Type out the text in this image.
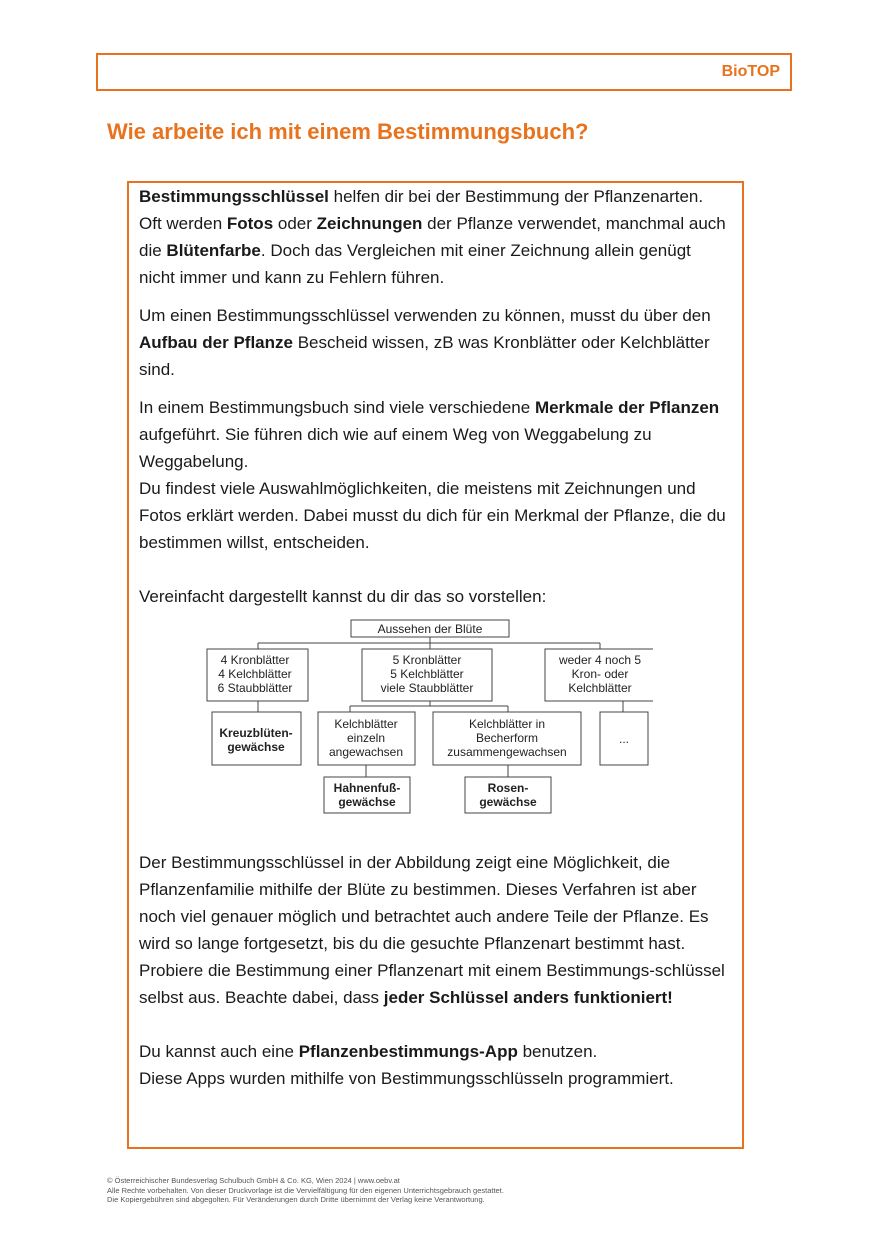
BioTOP
Wie arbeite ich mit einem Bestimmungsbuch?

Bestimmungsschlüssel helfen dir bei der Bestimmung der Pflanzenarten. Oft werden Fotos oder Zeichnungen der Pflanze verwendet, manchmal auch die Blütenfarbe. Doch das Vergleichen mit einer Zeichnung allein genügt nicht immer und kann zu Fehlern führen.

Um einen Bestimmungsschlüssel verwenden zu können, musst du über den Aufbau der Pflanze Bescheid wissen, zB was Kronblätter oder Kelchblätter sind.

In einem Bestimmungsbuch sind viele verschiedene Merkmale der Pflanzen aufgeführt. Sie führen dich wie auf einem Weg von Weggabelung zu Weggabelung.

Du findest viele Auswahlmöglichkeiten, die meistens mit Zeichnungen und Fotos erklärt werden. Dabei musst du dich für ein Merkmal der Pflanze, die du bestimmen willst, entscheiden.

Vereinfacht dargestellt kannst du dir das so vorstellen:

Aussehen der Blüte
4 Kronblätter
4 Kelchblätter
6 Staubblätter
5 Kronblätter
5 Kelchblätter
viele Staubblätter
weder 4 noch 5
Kron- oder
Kelchblätter
Kreuzblüten-
gewächse
Kelchblätter
einzeln
angewachsen
Kelchblätter in
Becherform
zusammengewachsen
...
Hahnenfuß-
gewächse
Rosen-
gewächse

Der Bestimmungsschlüssel in der Abbildung zeigt eine Möglichkeit, die Pflanzenfamilie mithilfe der Blüte zu bestimmen. Dieses Verfahren ist aber noch viel genauer möglich und betrachtet auch andere Teile der Pflanze. Es wird so lange fortgesetzt, bis du die gesuchte Pflanzenart bestimmt hast.

Probiere die Bestimmung einer Pflanzenart mit einem Bestimmungs-schlüssel selbst aus. Beachte dabei, dass jeder Schlüssel anders funktioniert!

Du kannst auch eine Pflanzenbestimmungs-App benutzen.

Diese Apps wurden mithilfe von Bestimmungsschlüsseln programmiert.

© Österreichischer Bundesverlag Schulbuch GmbH & Co. KG, Wien 2024 | www.oebv.at
Alle Rechte vorbehalten. Von dieser Druckvorlage ist die Vervielfältigung für den eigenen Unterrichtsgebrauch gestattet.
Die Kopiergebühren sind abgegolten. Für Veränderungen durch Dritte übernimmt der Verlag keine Verantwortung.
